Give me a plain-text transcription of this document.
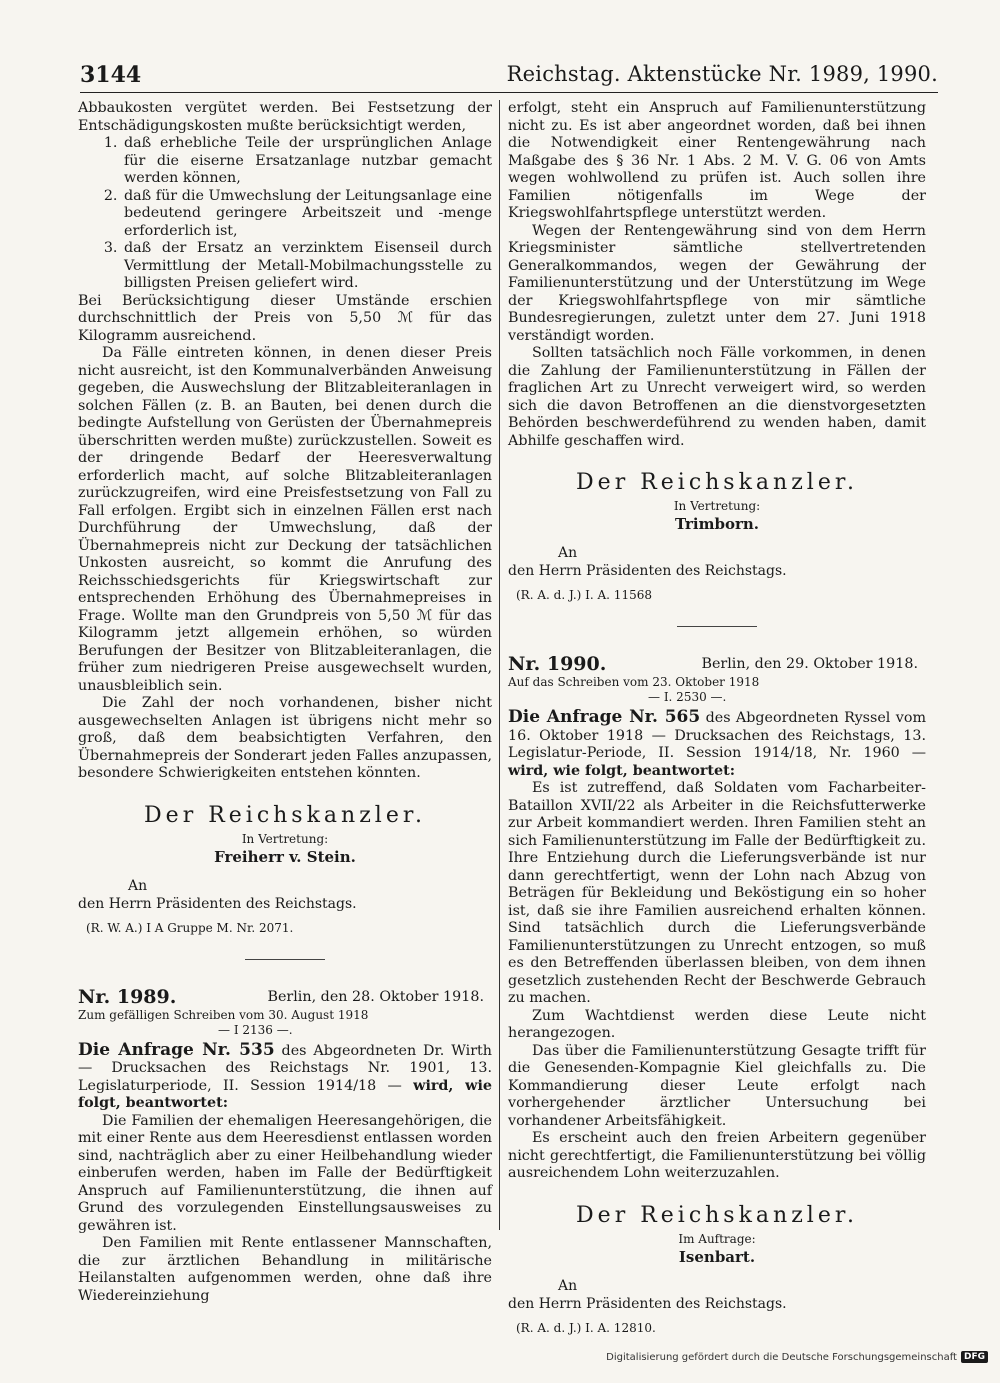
3144	Reichstag. Aktenstücke Nr. 1989, 1990.

Abbaukosten vergütet werden. Bei Festsetzung der Entschädigungskosten mußte berücksichtigt werden,

1. daß erhebliche Teile der ursprünglichen Anlage für die eiserne Ersatzanlage nutzbar gemacht werden können,
2. daß für die Umwechslung der Leitungsanlage eine bedeutend geringere Arbeitszeit und -menge erforderlich ist,
3. daß der Ersatz an verzinktem Eisenseil durch Vermittlung der Metall-Mobilmachungsstelle zu billigsten Preisen geliefert wird.

Bei Berücksichtigung dieser Umstände erschien durchschnittlich der Preis von 5,50 ℳ für das Kilogramm ausreichend.

Da Fälle eintreten können, in denen dieser Preis nicht ausreicht, ist den Kommunalverbänden Anweisung gegeben, die Auswechslung der Blitzableiteranlagen in solchen Fällen (z. B. an Bauten, bei denen durch die bedingte Aufstellung von Gerüsten der Übernahmepreis überschritten werden mußte) zurückzustellen. Soweit es der dringende Bedarf der Heeresverwaltung erforderlich macht, auf solche Blitzableiteranlagen zurückzugreifen, wird eine Preisfestsetzung von Fall zu Fall erfolgen. Ergibt sich in einzelnen Fällen erst nach Durchführung der Umwechslung, daß der Übernahmepreis nicht zur Deckung der tatsächlichen Unkosten ausreicht, so kommt die Anrufung des Reichsschiedsgerichts für Kriegswirtschaft zur entsprechenden Erhöhung des Übernahmepreises in Frage. Wollte man den Grundpreis von 5,50 ℳ für das Kilogramm jetzt allgemein erhöhen, so würden Berufungen der Besitzer von Blitzableiteranlagen, die früher zum niedrigeren Preise ausgewechselt wurden, unausbleiblich sein.

Die Zahl der noch vorhandenen, bisher nicht ausgewechselten Anlagen ist übrigens nicht mehr so groß, daß dem beabsichtigten Verfahren, den Übernahmepreis der Sonderart jeden Falles anzupassen, besondere Schwierigkeiten entstehen könnten.

Der Reichskanzler.
In Vertretung:
Freiherr v. Stein.
An
den Herrn Präsidenten des Reichstags.
(R. W. A.) I A Gruppe M. Nr. 2071.
Nr. 1989.	Berlin, den 28. Oktober 1918.
Zum gefälligen Schreiben vom 30. August 1918
— I 2136 —.
Die Anfrage Nr. 535 des Abgeordneten Dr. Wirth — Drucksachen des Reichstags Nr. 1901, 13. Legislaturperiode, II. Session 1914/18 — wird, wie folgt, beantwortet:

Die Familien der ehemaligen Heeresangehörigen, die mit einer Rente aus dem Heeresdienst entlassen worden sind, nachträglich aber zu einer Heilbehandlung wieder einberufen werden, haben im Falle der Bedürftigkeit Anspruch auf Familienunterstützung, die ihnen auf Grund des vorzulegenden Einstellungsausweises zu gewähren ist.

Den Familien mit Rente entlassener Mannschaften, die zur ärztlichen Behandlung in militärische Heilanstalten aufgenommen werden, ohne daß ihre Wiedereinziehung

erfolgt, steht ein Anspruch auf Familienunterstützung nicht zu. Es ist aber angeordnet worden, daß bei ihnen die Notwendigkeit einer Rentengewährung nach Maßgabe des § 36 Nr. 1 Abs. 2 M. V. G. 06 von Amts wegen wohlwollend zu prüfen ist. Auch sollen ihre Familien nötigenfalls im Wege der Kriegswohlfahrtspflege unterstützt werden.

Wegen der Rentengewährung sind von dem Herrn Kriegsminister sämtliche stellvertretenden Generalkommandos, wegen der Gewährung der Familienunterstützung und der Unterstützung im Wege der Kriegswohlfahrtspflege von mir sämtliche Bundesregierungen, zuletzt unter dem 27. Juni 1918 verständigt worden.

Sollten tatsächlich noch Fälle vorkommen, in denen die Zahlung der Familienunterstützung in Fällen der fraglichen Art zu Unrecht verweigert wird, so werden sich die davon Betroffenen an die dienstvorgesetzten Behörden beschwerdeführend zu wenden haben, damit Abhilfe geschaffen wird.

Der Reichskanzler.
In Vertretung:
Trimborn.
An
den Herrn Präsidenten des Reichstags.
(R. A. d. J.) I. A. 11568
Nr. 1990.	Berlin, den 29. Oktober 1918.
Auf das Schreiben vom 23. Oktober 1918
— I. 2530 —.
Die Anfrage Nr. 565 des Abgeordneten Ryssel vom 16. Oktober 1918 — Drucksachen des Reichstags, 13. Legislatur-Periode, II. Session 1914/18, Nr. 1960 — wird, wie folgt, beantwortet:

Es ist zutreffend, daß Soldaten vom Facharbeiter-Bataillon XVII/22 als Arbeiter in die Reichsfutterwerke zur Arbeit kommandiert werden. Ihren Familien steht an sich Familienunterstützung im Falle der Bedürftigkeit zu. Ihre Entziehung durch die Lieferungsverbände ist nur dann gerechtfertigt, wenn der Lohn nach Abzug von Beträgen für Bekleidung und Beköstigung ein so hoher ist, daß sie ihre Familien ausreichend erhalten können. Sind tatsächlich durch die Lieferungsverbände Familienunterstützungen zu Unrecht entzogen, so muß es den Betreffenden überlassen bleiben, von dem ihnen gesetzlich zustehenden Recht der Beschwerde Gebrauch zu machen.

Zum Wachtdienst werden diese Leute nicht herangezogen.

Das über die Familienunterstützung Gesagte trifft für die Genesenden-Kompagnie Kiel gleichfalls zu. Die Kommandierung dieser Leute erfolgt nach vorhergehender ärztlicher Untersuchung bei vorhandener Arbeitsfähigkeit.

Es erscheint auch den freien Arbeitern gegenüber nicht gerechtfertigt, die Familienunterstützung bei völlig ausreichendem Lohn weiterzuzahlen.

Der Reichskanzler.
Im Auftrage:
Isenbart.
An
den Herrn Präsidenten des Reichstags.
(R. A. d. J.) I. A. 12810.
Digitalisierung gefördert durch die Deutsche Forschungsgemeinschaft DFG
